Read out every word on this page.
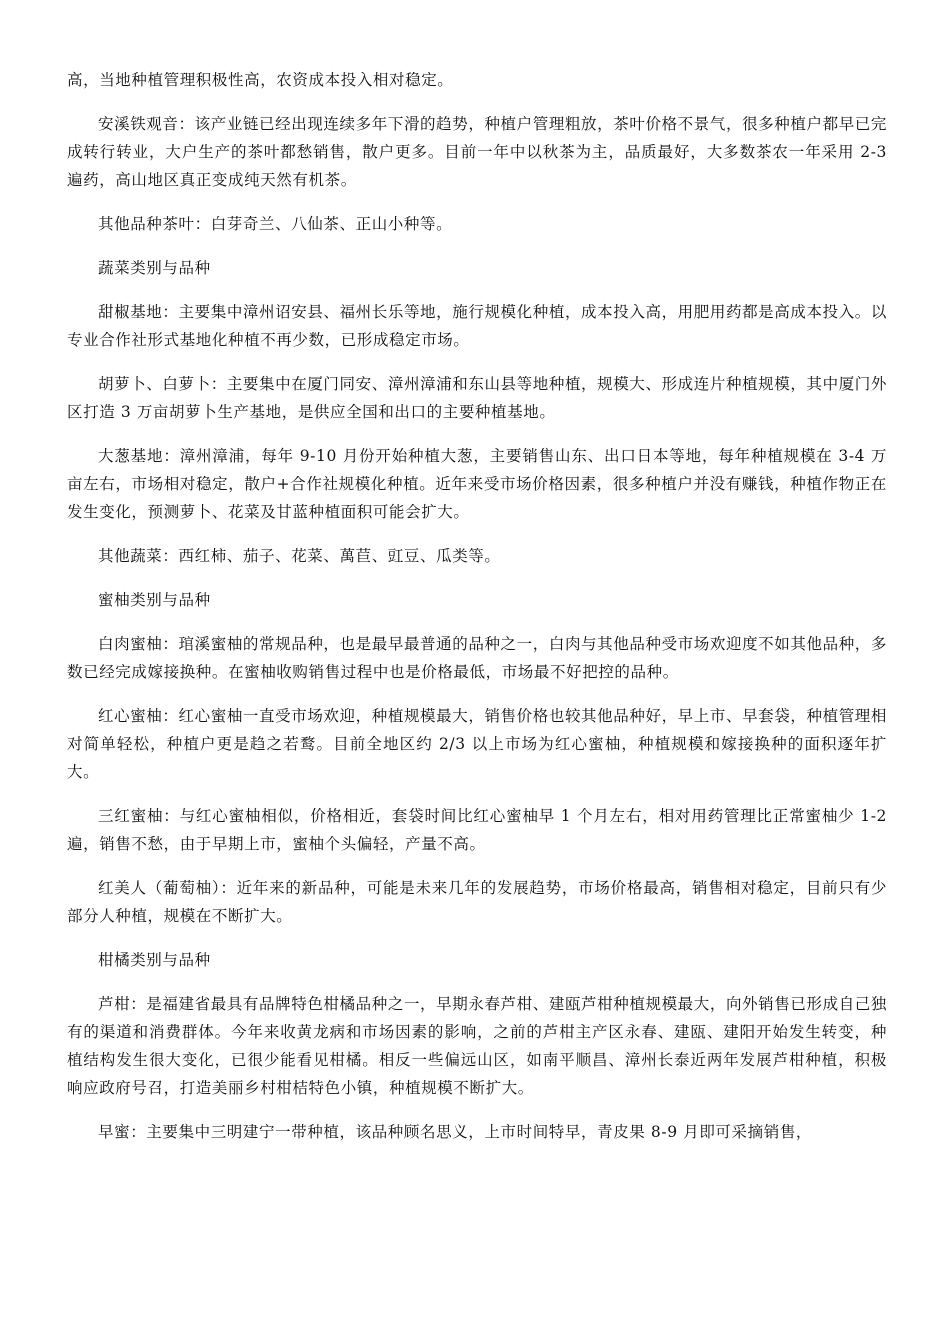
高，当地种植管理积极性高，农资成本投入相对稳定。

安溪铁观音：该产业链已经出现连续多年下滑的趋势，种植户管理粗放，茶叶价格不景气，很多种植户都早已完成转行转业，大户生产的茶叶都愁销售，散户更多。目前一年中以秋茶为主，品质最好，大多数茶农一年采用 2-3 遍药，高山地区真正变成纯天然有机茶。

其他品种茶叶：白芽奇兰、八仙茶、正山小种等。

蔬菜类别与品种

甜椒基地：主要集中漳州诏安县、福州长乐等地，施行规模化种植，成本投入高，用肥用药都是高成本投入。以专业合作社形式基地化种植不再少数，已形成稳定市场。

胡萝卜、白萝卜：主要集中在厦门同安、漳州漳浦和东山县等地种植，规模大、形成连片种植规模，其中厦门外区打造 3 万亩胡萝卜生产基地，是供应全国和出口的主要种植基地。

大葱基地：漳州漳浦，每年 9-10 月份开始种植大葱，主要销售山东、出口日本等地，每年种植规模在 3-4 万亩左右，市场相对稳定，散户+合作社规模化种植。近年来受市场价格因素，很多种植户并没有赚钱，种植作物正在发生变化，预测萝卜、花菜及甘蓝种植面积可能会扩大。

其他蔬菜：西红柿、茄子、花菜、萬苣、豇豆、瓜类等。

蜜柚类别与品种

白肉蜜柚：琯溪蜜柚的常规品种，也是最早最普通的品种之一，白肉与其他品种受市场欢迎度不如其他品种，多数已经完成嫁接换种。在蜜柚收购销售过程中也是价格最低，市场最不好把控的品种。

红心蜜柚：红心蜜柚一直受市场欢迎，种植规模最大，销售价格也较其他品种好，早上市、早套袋，种植管理相对简单轻松，种植户更是趋之若鹜。目前全地区约 2/3 以上市场为红心蜜柚，种植规模和嫁接换种的面积逐年扩大。

三红蜜柚：与红心蜜柚相似，价格相近，套袋时间比红心蜜柚早 1 个月左右，相对用药管理比正常蜜柚少 1-2 遍，销售不愁，由于早期上市，蜜柚个头偏轻，产量不高。

红美人（葡萄柚）：近年来的新品种，可能是未来几年的发展趋势，市场价格最高，销售相对稳定，目前只有少部分人种植，规模在不断扩大。

柑橘类别与品种

芦柑：是福建省最具有品牌特色柑橘品种之一，早期永春芦柑、建瓯芦柑种植规模最大，向外销售已形成自己独有的渠道和消费群体。今年来收黄龙病和市场因素的影响，之前的芦柑主产区永春、建瓯、建阳开始发生转变，种植结构发生很大变化，已很少能看见柑橘。相反一些偏远山区，如南平顺昌、漳州长泰近两年发展芦柑种植，积极响应政府号召，打造美丽乡村柑桔特色小镇，种植规模不断扩大。

早蜜：主要集中三明建宁一带种植，该品种顾名思义，上市时间特早，青皮果 8-9 月即可采摘销售，
